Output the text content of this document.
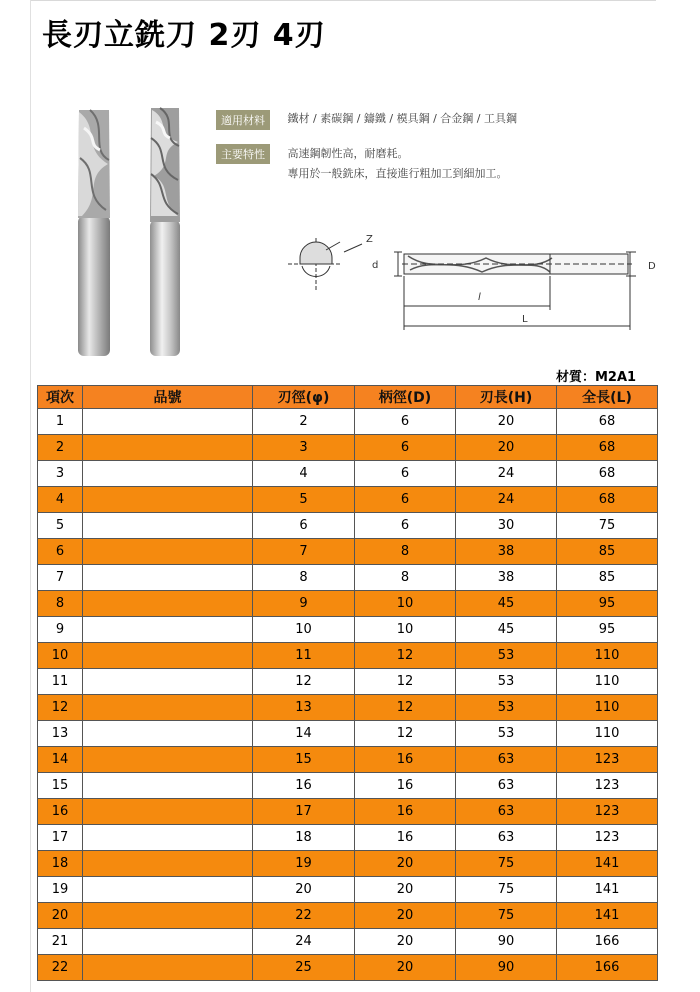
長刃立銑刀 2刃 4刃
適用材料 鐵材 / 素碳鋼 / 鑄鐵 / 模具鋼 / 合金鋼 / 工具鋼
主要特性 高速鋼韌性高，耐磨耗。
專用於一般銑床，直接進行粗加工到細加工。
Z
d	D
l
L
材質：M2A1
項次	品號	刃徑(φ)	柄徑(D)	刃長(H)	全長(L)
1		2	6	20	68
2		3	6	20	68
3		4	6	24	68
4		5	6	24	68
5		6	6	30	75
6		7	8	38	85
7		8	8	38	85
8		9	10	45	95
9		10	10	45	95
10		11	12	53	110
11		12	12	53	110
12		13	12	53	110
13		14	12	53	110
14		15	16	63	123
15		16	16	63	123
16		17	16	63	123
17		18	16	63	123
18		19	20	75	141
19		20	20	75	141
20		22	20	75	141
21		24	20	90	166
22		25	20	90	166
